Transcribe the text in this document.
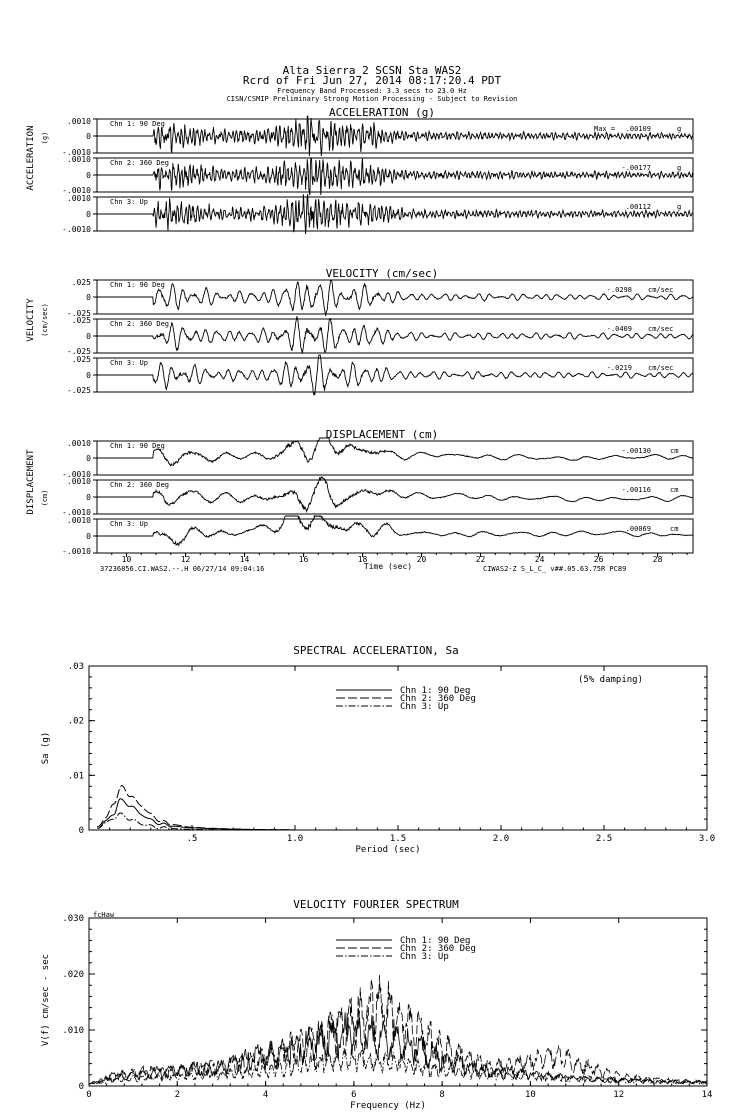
Alta Sierra 2 SCSN Sta WAS2
Rcrd of Fri Jun 27, 2014 08:17:20.4 PDT
Frequency Band Processed: 3.3 secs to 23.0 Hz
CISN/CSMIP Preliminary Strong Motion Processing - Subject to Revision
ACCELERATION (g)
ACCELERATION (g)
.0010
0
-.0010
.0010
0
-.0010
.0010
0
-.0010
Chn 1: 90 Deg
Chn 2: 360 Deg
Chn 3: Up
Max = .00109
-.00177
.00112
g
g
g
VELOCITY (cm/sec)
VELOCITY (cm/sec)
.025
0
-.025
.025
0
-.025
.025
0
-.025
Chn 1: 90 Deg
Chn 2: 360 Deg
Chn 3: Up
-.0298
-.0409
-.0219
cm/sec
cm/sec
cm/sec
DISPLACEMENT (cm)
DISPLACEMENT (cm)
.0010
0
-.0010
.0010
0
-.0010
.0010
0
-.0010
Chn 1: 90 Deg
Chn 2: 360 Deg
Chn 3: Up
-.00130
-.00116
.00069
cm
cm
cm
10	12	14	16	18	20	22	24	26	28
Time (sec)
37236856.CI.WAS2.--.H 06/27/14 09:04:16	CIWAS2-Z S_L_C_ v##.05.63.75R PC89
SPECTRAL ACCELERATION, Sa
Sa (g)
Period (sec)
(5% damping)
.5	1.0	1.5	2.0	2.5	3.0
.03
.02
.01
0
Chn 1: 90 Deg
Chn 2: 360 Deg
Chn 3: Up
VELOCITY FOURIER SPECTRUM
V(f) cm/sec - sec
Frequency (Hz)
fcHaw
0	2	4	6	8	10	12	14
.030
.020
.010
0
Chn 1: 90 Deg
Chn 2: 360 Deg
Chn 3: Up
